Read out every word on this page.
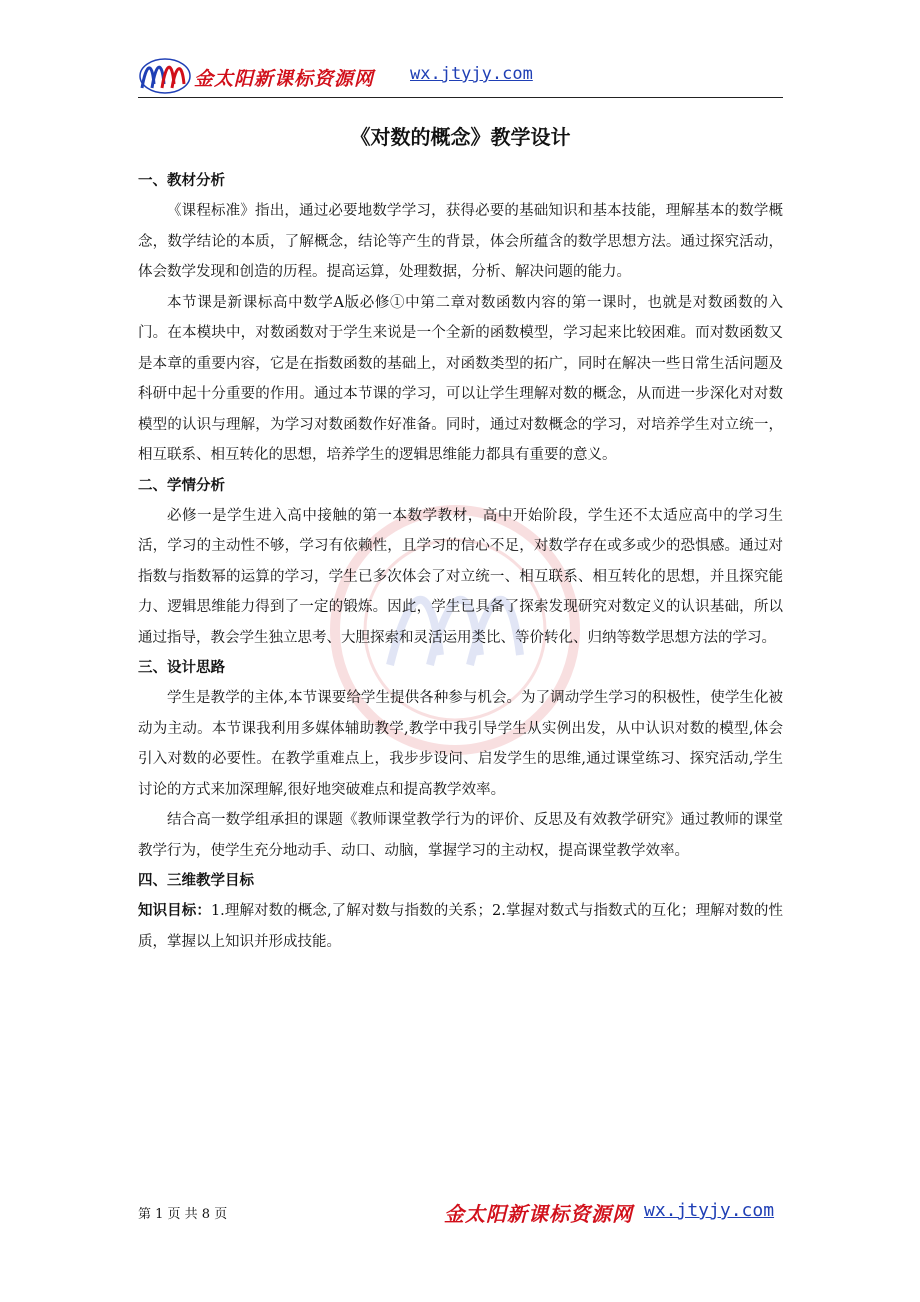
金太阳新课标资源网 wx.jtyjy.com
《对数的概念》教学设计
一、教材分析

《课程标准》指出，通过必要地数学学习，获得必要的基础知识和基本技能，理解基本的数学概念，数学结论的本质，了解概念，结论等产生的背景，体会所蕴含的数学思想方法。通过探究活动，体会数学发现和创造的历程。提高运算，处理数据，分析、解决问题的能力。

本节课是新课标高中数学A版必修①中第二章对数函数内容的第一课时，也就是对数函数的入门。在本模块中，对数函数对于学生来说是一个全新的函数模型，学习起来比较困难。而对数函数又是本章的重要内容，它是在指数函数的基础上，对函数类型的拓广，同时在解决一些日常生活问题及科研中起十分重要的作用。通过本节课的学习，可以让学生理解对数的概念，从而进一步深化对对数模型的认识与理解，为学习对数函数作好准备。同时，通过对数概念的学习，对培养学生对立统一，相互联系、相互转化的思想，培养学生的逻辑思维能力都具有重要的意义。

二、学情分析

必修一是学生进入高中接触的第一本数学教材，高中开始阶段，学生还不太适应高中的学习生活，学习的主动性不够，学习有依赖性，且学习的信心不足，对数学存在或多或少的恐惧感。通过对指数与指数幂的运算的学习，学生已多次体会了对立统一、相互联系、相互转化的思想，并且探究能力、逻辑思维能力得到了一定的锻炼。因此，学生已具备了探索发现研究对数定义的认识基础，所以通过指导，教会学生独立思考、大胆探索和灵活运用类比、等价转化、归纳等数学思想方法的学习。

三、设计思路

学生是教学的主体,本节课要给学生提供各种参与机会。为了调动学生学习的积极性，使学生化被动为主动。本节课我利用多媒体辅助教学,教学中我引导学生从实例出发，从中认识对数的模型,体会引入对数的必要性。在教学重难点上，我步步设问、启发学生的思维,通过课堂练习、探究活动,学生讨论的方式来加深理解,很好地突破难点和提高教学效率。

结合高一数学组承担的课题《教师课堂教学行为的评价、反思及有效教学研究》通过教师的课堂教学行为，使学生充分地动手、动口、动脑，掌握学习的主动权，提高课堂教学效率。

四、三维教学目标

知识目标：1.理解对数的概念,了解对数与指数的关系；2.掌握对数式与指数式的互化；理解对数的性质，掌握以上知识并形成技能。

第 1 页 共 8 页	金太阳新课标资源网 wx.jtyjy.com
